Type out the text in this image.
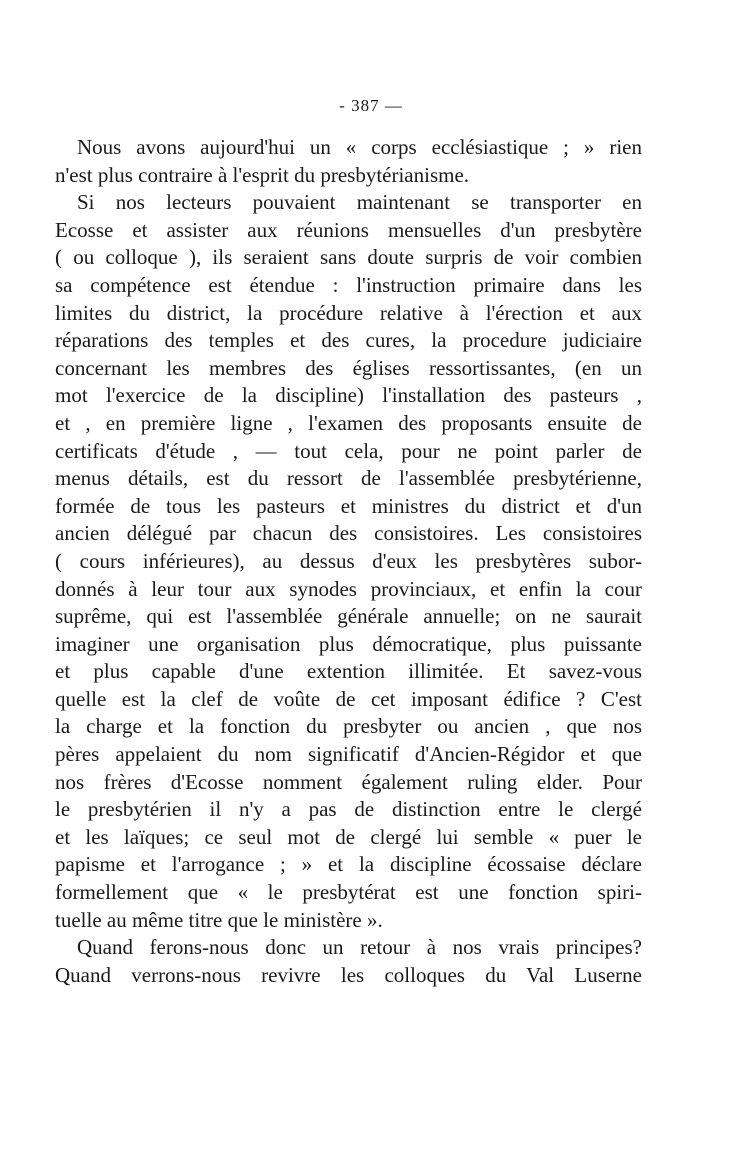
- 387 —
Nous avons aujourd'hui un « corps ecclésiastique ; » rien
n'est plus contraire à l'esprit du presbytérianisme.
Si nos lecteurs pouvaient maintenant se transporter en
Ecosse et assister aux réunions mensuelles d'un presbytère
( ou colloque ), ils seraient sans doute surpris de voir combien
sa compétence est étendue : l'instruction primaire dans les
limites du district, la procédure relative à l'érection et aux
réparations des temples et des cures, la procedure judiciaire
concernant les membres des églises ressortissantes, (en un
mot l'exercice de la discipline) l'installation des pasteurs ,
et , en première ligne , l'examen des proposants ensuite de
certificats d'étude , — tout cela, pour ne point parler de
menus détails, est du ressort de l'assemblée presbytérienne,
formée de tous les pasteurs et ministres du district et d'un
ancien délégué par chacun des consistoires. Les consistoires
( cours inférieures), au dessus d'eux les presbytères subor-
donnés à leur tour aux synodes provinciaux, et enfin la cour
suprême, qui est l'assemblée générale annuelle; on ne saurait
imaginer une organisation plus démocratique, plus puissante
et plus capable d'une extention illimitée. Et savez-vous
quelle est la clef de voûte de cet imposant édifice ? C'est
la charge et la fonction du presbyter ou ancien , que nos
pères appelaient du nom significatif d'Ancien-Régidor et que
nos frères d'Ecosse nomment également ruling elder. Pour
le presbytérien il n'y a pas de distinction entre le clergé
et les laïques; ce seul mot de clergé lui semble « puer le
papisme et l'arrogance ; » et la discipline écossaise déclare
formellement que « le presbytérat est une fonction spiri-
tuelle au même titre que le ministère ».
Quand ferons-nous donc un retour à nos vrais principes?
Quand verrons-nous revivre les colloques du Val Luserne
